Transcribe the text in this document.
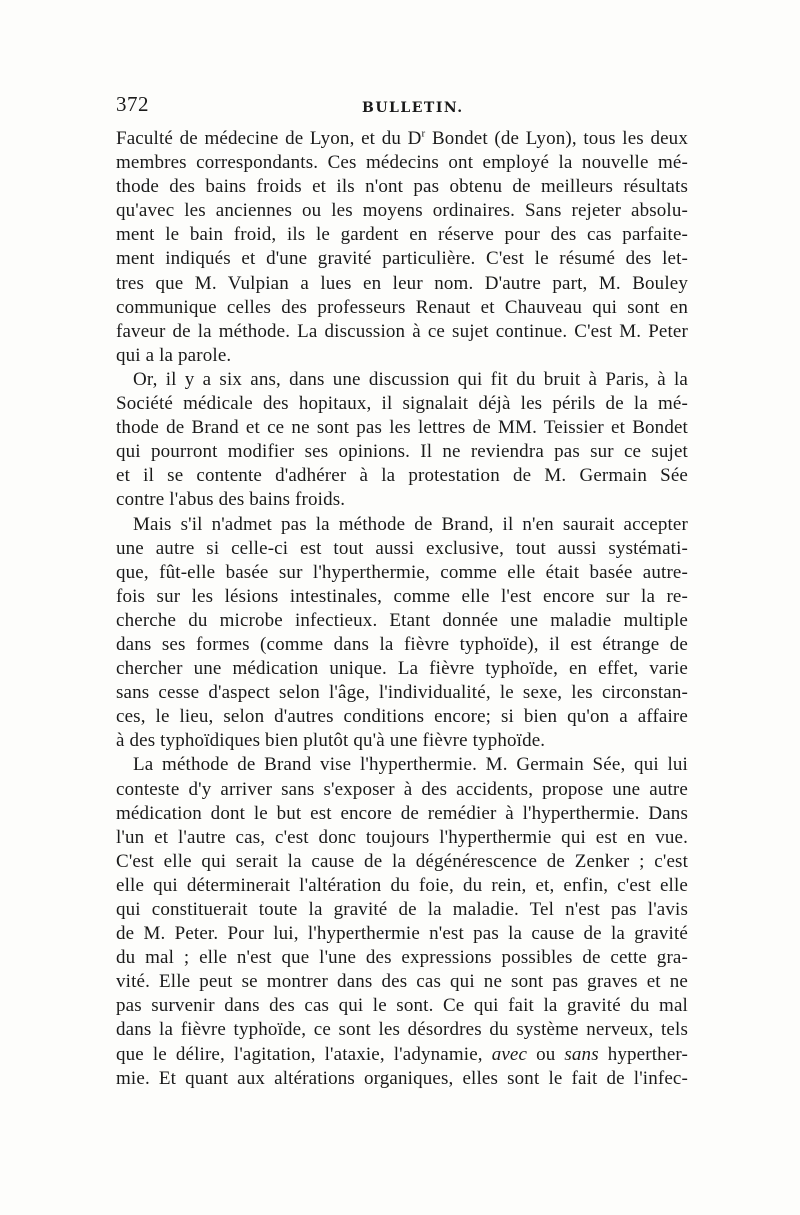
372	BULLETIN.
Faculté de médecine de Lyon, et du $D^r$ Bondet (de Lyon), tous les deux
membres correspondants. Ces médecins ont employé la nouvelle mé-
thode des bains froids et ils n'ont pas obtenu de meilleurs résultats
qu'avec les anciennes ou les moyens ordinaires. Sans rejeter absolu-
ment le bain froid, ils le gardent en réserve pour des cas parfaite-
ment indiqués et d'une gravité particulière. C'est le résumé des let-
tres que M. Vulpian a lues en leur nom. D'autre part, M. Bouley
communique celles des professeurs Renaut et Chauveau qui sont en
faveur de la méthode. La discussion à ce sujet continue. C'est M. Peter
qui a la parole.
Or, il y a six ans, dans une discussion qui fit du bruit à Paris, à la
Société médicale des hopitaux, il signalait déjà les périls de la mé-
thode de Brand et ce ne sont pas les lettres de MM. Teissier et Bondet
qui pourront modifier ses opinions. Il ne reviendra pas sur ce sujet
et il se contente d'adhérer à la protestation de M. Germain Sée
contre l'abus des bains froids.
Mais s'il n'admet pas la méthode de Brand, il n'en saurait accepter
une autre si celle-ci est tout aussi exclusive, tout aussi systémati-
que, fût-elle basée sur l'hyperthermie, comme elle était basée autre-
fois sur les lésions intestinales, comme elle l'est encore sur la re-
cherche du microbe infectieux. Etant donnée une maladie multiple
dans ses formes (comme dans la fièvre typhoïde), il est étrange de
chercher une médication unique. La fièvre typhoïde, en effet, varie
sans cesse d'aspect selon l'âge, l'individualité, le sexe, les circonstan-
ces, le lieu, selon d'autres conditions encore; si bien qu'on a affaire
à des typhoïdiques bien plutôt qu'à une fièvre typhoïde.
La méthode de Brand vise l'hyperthermie. M. Germain Sée, qui lui
conteste d'y arriver sans s'exposer à des accidents, propose une autre
médication dont le but est encore de remédier à l'hyperthermie. Dans
l'un et l'autre cas, c'est donc toujours l'hyperthermie qui est en vue.
C'est elle qui serait la cause de la dégénérescence de Zenker ; c'est
elle qui déterminerait l'altération du foie, du rein, et, enfin, c'est elle
qui constituerait toute la gravité de la maladie. Tel n'est pas l'avis
de M. Peter. Pour lui, l'hyperthermie n'est pas la cause de la gravité
du mal ; elle n'est que l'une des expressions possibles de cette gra-
vité. Elle peut se montrer dans des cas qui ne sont pas graves et ne
pas survenir dans des cas qui le sont. Ce qui fait la gravité du mal
dans la fièvre typhoïde, ce sont les désordres du système nerveux, tels
que le délire, l'agitation, l'ataxie, l'adynamie, avec ou sans hyperther-
mie. Et quant aux altérations organiques, elles sont le fait de l'infec-
